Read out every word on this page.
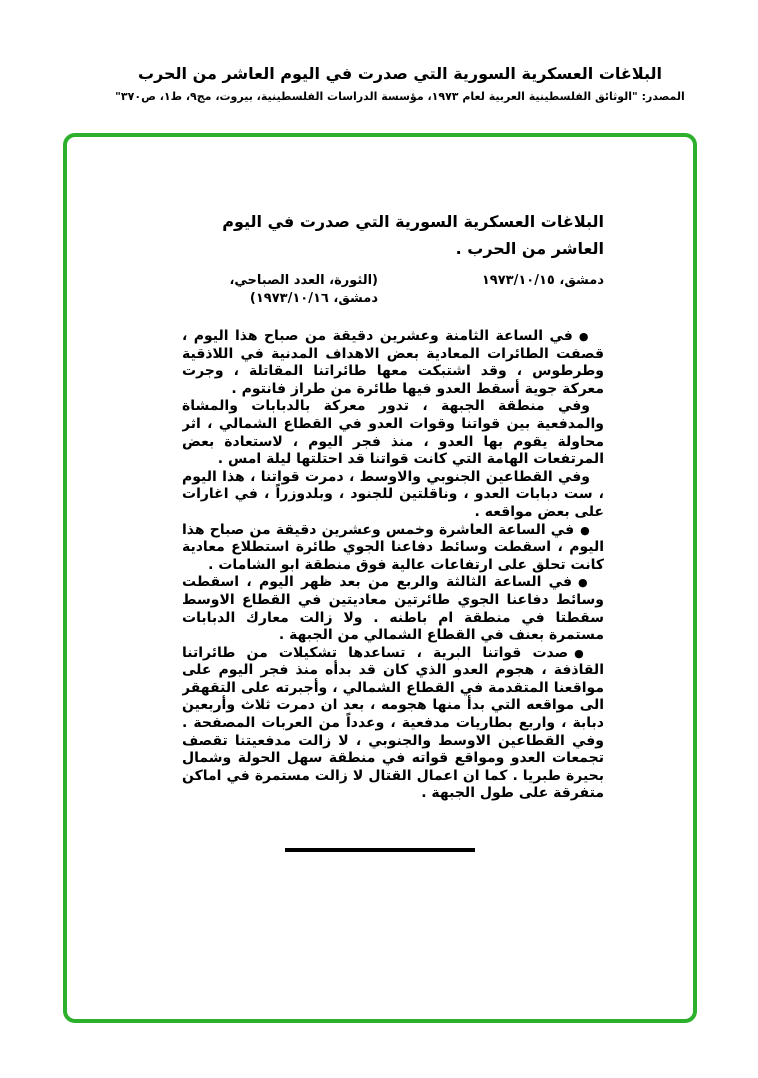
البلاغات العسكرية السورية التي صدرت في اليوم العاشر من الحرب
المصدر: "الوثائق الفلسطينية العربية لعام ١٩٧٣، مؤسسة الدراسات الفلسطينية، بيروت، مج٩، ط١، ص٣٧٠"
البلاغات العسكرية السورية التي صدرت في اليوم العاشر من الحرب .
دمشق، ١٩٧٣/١٠/١٥
(الثورة، العدد الصباحي، دمشق، ١٩٧٣/١٠/١٦)

●في الساعة الثامنة وعشرين دقيقة من صباح هذا اليوم ، قصفت الطائرات المعادية بعض الاهداف المدنية في اللاذقية وطرطوس ، وقد اشتبكت معها طائراتنا المقاتلة ، وجرت معركة جوية أسقط العدو فيها طائرة من طراز فانتوم .

وفي منطقة الجبهة ، تدور معركة بالدبابات والمشاة والمدفعية بين قواتنا وقوات العدو في القطاع الشمالي ، اثر محاولة يقوم بها العدو ، منذ فجر اليوم ، لاستعادة بعض المرتفعات الهامة التي كانت قواتنا قد احتلتها ليلة امس .

وفي القطاعين الجنوبي والاوسط ، دمرت قواتنا ، هذا اليوم ، ست دبابات العدو ، وناقلتين للجنود ، وبلدوزراً ، في اغارات على بعض مواقعه .

●في الساعة العاشرة وخمس وعشرين دقيقة من صباح هذا اليوم ، اسقطت وسائط دفاعنا الجوي طائرة استطلاع معادية كانت تحلق على ارتفاعات عالية فوق منطقة ابو الشامات .

●في الساعة الثالثة والربع من بعد ظهر اليوم ، اسقطت وسائط دفاعنا الجوي طائرتين معاديتين في القطاع الاوسط سقطتا في منطقة ام باطنه . ولا زالت معارك الدبابات مستمرة بعنف في القطاع الشمالي من الجبهة .

●صدت قواتنا البرية ، تساعدها تشكيلات من طائراتنا القاذفة ، هجوم العدو الذي كان قد بدأه منذ فجر اليوم على مواقعنا المتقدمة في القطاع الشمالي ، وأجبرته على التقهقر الى مواقعه التي بدأ منها هجومه ، بعد ان دمرت ثلاث وأربعين دبابة ، واربع بطاريات مدفعية ، وعدداً من العربات المصفحة . وفي القطاعين الاوسط والجنوبي ، لا زالت مدفعيتنا تقصف تجمعات العدو ومواقع قواته في منطقة سهل الحولة وشمال بحيرة طبريا . كما ان اعمال القتال لا زالت مستمرة في اماكن متفرقة على طول الجبهة .
